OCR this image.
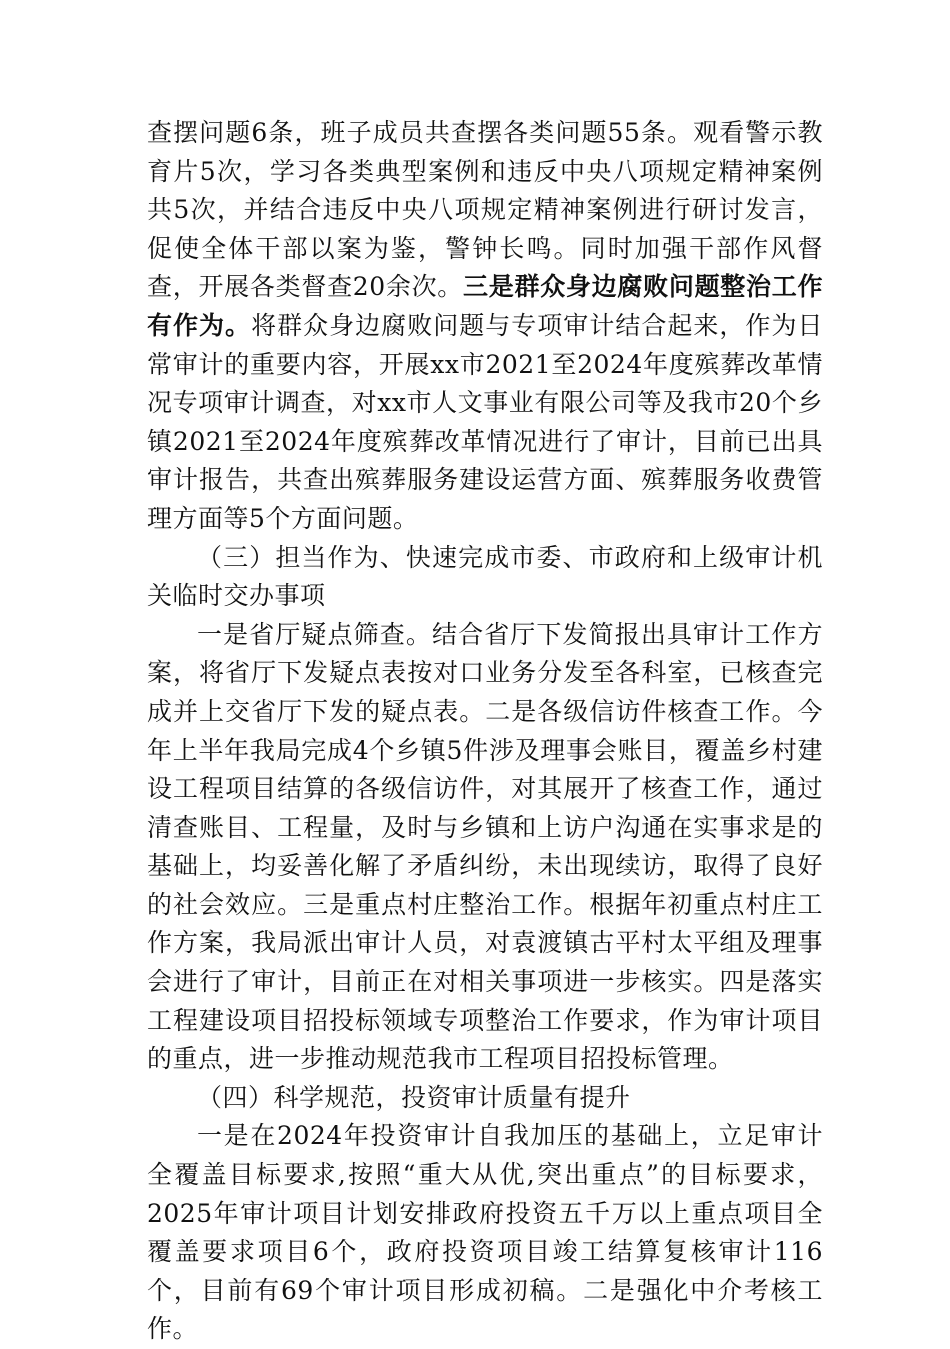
查摆问题6条，班子成员共查摆各类问题55条。观看警示教育片5次，学习各类典型案例和违反中央八项规定精神案例共5次，并结合违反中央八项规定精神案例进行研讨发言，促使全体干部以案为鉴，警钟长鸣。同时加强干部作风督查，开展各类督查20余次。三是群众身边腐败问题整治工作有作为。将群众身边腐败问题与专项审计结合起来，作为日常审计的重要内容，开展xx市2021至2024年度殡葬改革情况专项审计调查，对xx市人文事业有限公司等及我市20个乡镇2021至2024年度殡葬改革情况进行了审计，目前已出具审计报告，共查出殡葬服务建设运营方面、殡葬服务收费管理方面等5个方面问题。

（三）担当作为、快速完成市委、市政府和上级审计机关临时交办事项

一是省厅疑点筛查。结合省厅下发简报出具审计工作方案，将省厅下发疑点表按对口业务分发至各科室，已核查完成并上交省厅下发的疑点表。二是各级信访件核查工作。今年上半年我局完成4个乡镇5件涉及理事会账目，覆盖乡村建设工程项目结算的各级信访件，对其展开了核查工作，通过清查账目、工程量，及时与乡镇和上访户沟通在实事求是的基础上，均妥善化解了矛盾纠纷，未出现续访，取得了良好的社会效应。三是重点村庄整治工作。根据年初重点村庄工作方案，我局派出审计人员，对袁渡镇古平村太平组及理事会进行了审计，目前正在对相关事项进一步核实。四是落实工程建设项目招投标领域专项整治工作要求，作为审计项目的重点，进一步推动规范我市工程项目招投标管理。

（四）科学规范，投资审计质量有提升

一是在2024年投资审计自我加压的基础上，立足审计全覆盖目标要求,按照“重大从优,突出重点”的目标要求，2025年审计项目计划安排政府投资五千万以上重点项目全覆盖要求项目6个，政府投资项目竣工结算复核审计116个，目前有69个审计项目形成初稿。二是强化中介考核工作。
